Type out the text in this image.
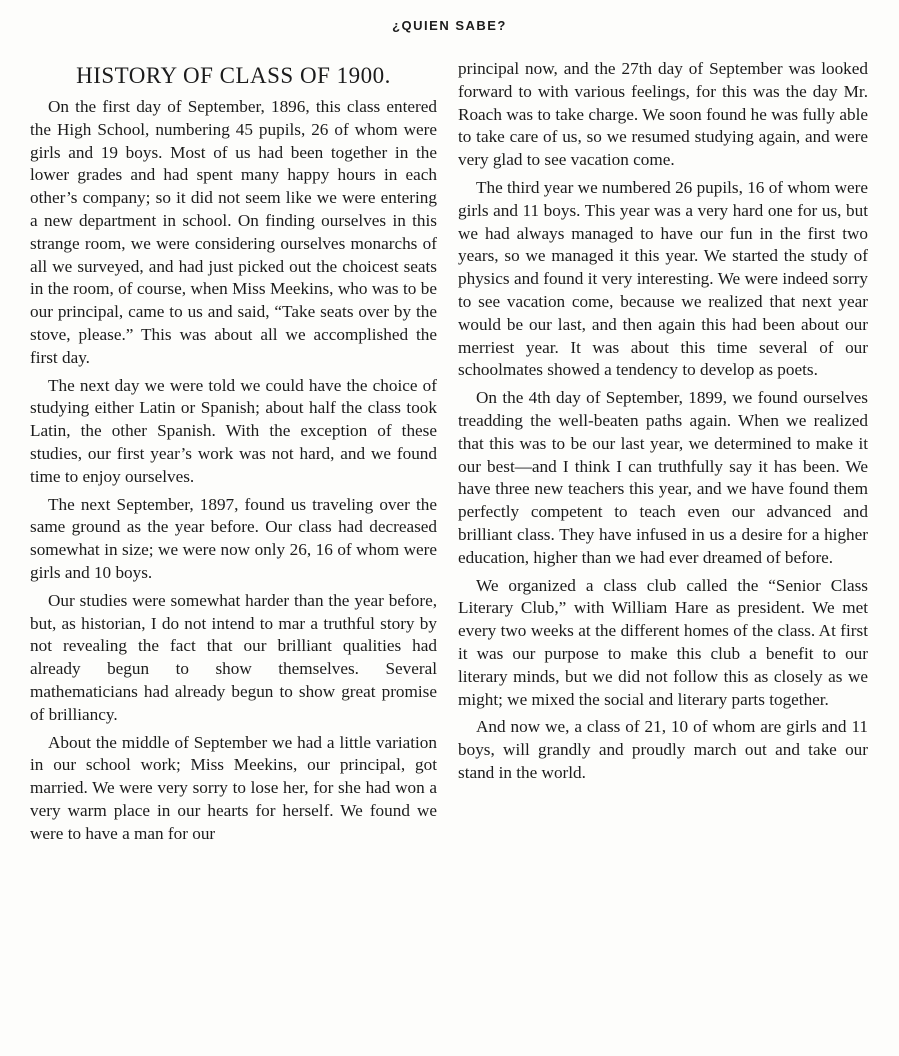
¿QUIEN SABE?
HISTORY OF CLASS OF 1900.

On the first day of September, 1896, this class entered the High School, numbering 45 pupils, 26 of whom were girls and 19 boys. Most of us had been together in the lower grades and had spent many happy hours in each other’s company; so it did not seem like we were entering a new department in school. On finding ourselves in this strange room, we were considering ourselves monarchs of all we surveyed, and had just picked out the choicest seats in the room, of course, when Miss Meekins, who was to be our principal, came to us and said, “Take seats over by the stove, please.” This was about all we accomplished the first day.

The next day we were told we could have the choice of studying either Latin or Spanish; about half the class took Latin, the other Spanish. With the exception of these studies, our first year’s work was not hard, and we found time to enjoy ourselves.

The next September, 1897, found us traveling over the same ground as the year before. Our class had decreased somewhat in size; we were now only 26, 16 of whom were girls and 10 boys.

Our studies were somewhat harder than the year before, but, as historian, I do not intend to mar a truthful story by not revealing the fact that our brilliant qualities had already begun to show themselves. Several mathematicians had already begun to show great promise of brilliancy.

About the middle of September we had a little variation in our school work; Miss Meekins, our principal, got married. We were very sorry to lose her, for she had won a very warm place in our hearts for herself. We found we were to have a man for our

principal now, and the 27th day of September was looked forward to with various feelings, for this was the day Mr. Roach was to take charge. We soon found he was fully able to take care of us, so we resumed studying again, and were very glad to see vacation come.

The third year we numbered 26 pupils, 16 of whom were girls and 11 boys. This year was a very hard one for us, but we had always managed to have our fun in the first two years, so we managed it this year. We started the study of physics and found it very interesting. We were indeed sorry to see vacation come, because we realized that next year would be our last, and then again this had been about our merriest year. It was about this time several of our schoolmates showed a tendency to develop as poets.

On the 4th day of September, 1899, we found ourselves treadding the well-beaten paths again. When we realized that this was to be our last year, we determined to make it our best—and I think I can truthfully say it has been. We have three new teachers this year, and we have found them perfectly competent to teach even our advanced and brilliant class. They have infused in us a desire for a higher education, higher than we had ever dreamed of before.

We organized a class club called the “Senior Class Literary Club,” with William Hare as president. We met every two weeks at the different homes of the class. At first it was our purpose to make this club a benefit to our literary minds, but we did not follow this as closely as we might; we mixed the social and literary parts together.

And now we, a class of 21, 10 of whom are girls and 11 boys, will grandly and proudly march out and take our stand in the world.
